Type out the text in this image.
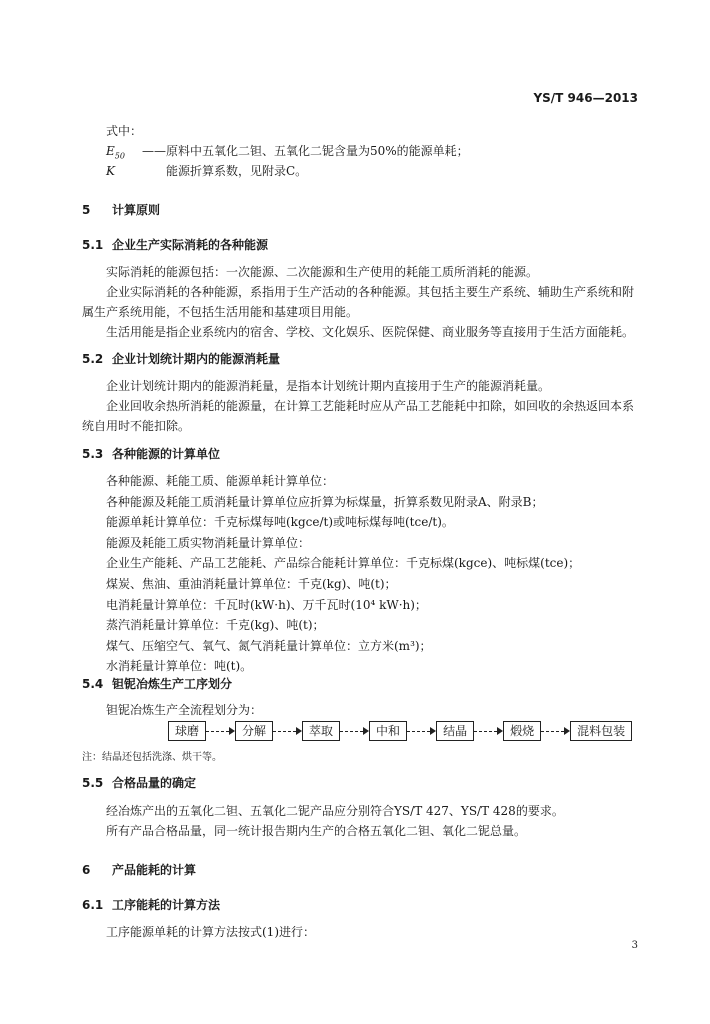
YS/T 946—2013
式中：
$E_{50}$ ——原料中五氧化二钽、五氧化二铌含量为50%的能源单耗；
K	能源折算系数，见附录C。
5 计算原则
5.1 企业生产实际消耗的各种能源

实际消耗的能源包括：一次能源、二次能源和生产使用的耗能工质所消耗的能源。

企业实际消耗的各种能源，系指用于生产活动的各种能源。其包括主要生产系统、辅助生产系统和附属生产系统用能，不包括生活用能和基建项目用能。

生活用能是指企业系统内的宿舍、学校、文化娱乐、医院保健、商业服务等直接用于生活方面能耗。

5.2 企业计划统计期内的能源消耗量

企业计划统计期内的能源消耗量，是指本计划统计期内直接用于生产的能源消耗量。

企业回收余热所消耗的能源量，在计算工艺能耗时应从产品工艺能耗中扣除，如回收的余热返回本系统自用时不能扣除。

5.3 各种能源的计算单位
各种能源、耗能工质、能源单耗计算单位：
各种能源及耗能工质消耗量计算单位应折算为标煤量，折算系数见附录A、附录B；
能源单耗计算单位：千克标煤每吨(kgce/t)或吨标煤每吨(tce/t)。
能源及耗能工质实物消耗量计算单位：
企业生产能耗、产品工艺能耗、产品综合能耗计算单位：千克标煤(kgce)、吨标煤(tce)；
煤炭、焦油、重油消耗量计算单位：千克(kg)、吨(t)；
电消耗量计算单位：千瓦时(kW·h)、万千瓦时(10⁴ kW·h)；
蒸汽消耗量计算单位：千克(kg)、吨(t)；
煤气、压缩空气、氧气、氮气消耗量计算单位：立方米(m³)；
水消耗量计算单位：吨(t)。
5.4 钽铌冶炼生产工序划分
钽铌冶炼生产全流程划分为：
球磨	分解	萃取	中和	结晶	煅烧	混料包装
注：结晶还包括洗涤、烘干等。
5.5 合格品量的确定

经冶炼产出的五氧化二钽、五氧化二铌产品应分别符合YS/T 427、YS/T 428的要求。

所有产品合格品量，同一统计报告期内生产的合格五氧化二钽、氧化二铌总量。

6 产品能耗的计算
6.1 工序能耗的计算方法

工序能源单耗的计算方法按式(1)进行：

3
